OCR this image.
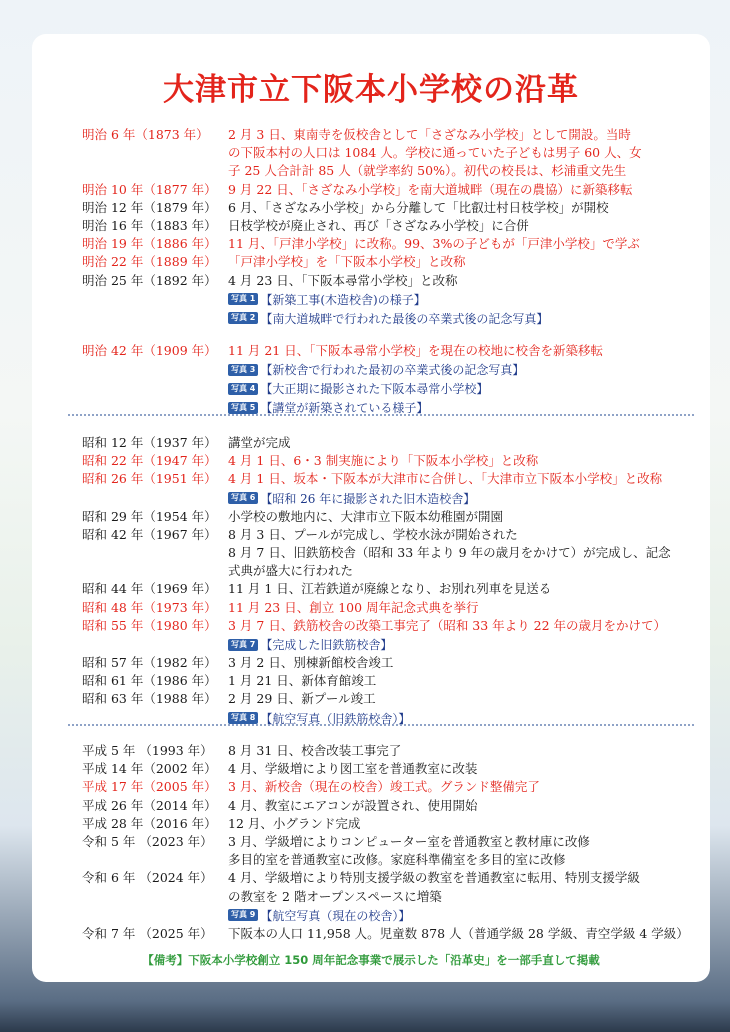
大津市立下阪本小学校の沿革
明治 6 年（1873 年）	2 月 3 日、東南寺を仮校舎として「さざなみ小学校」として開設。当時
の下阪本村の人口は 1084 人。学校に通っていた子どもは男子 60 人、女
子 25 人合計計 85 人（就学率約 50%）。初代の校長は、杉浦重文先生
明治 10 年（1877 年） 9 月 22 日、「さざなみ小学校」を南大道城畔（現在の農協）に新築移転
明治 12 年（1879 年） 6 月、「さざなみ小学校」から分離して「比叡辻村日枝学校」が開校
明治 16 年（1883 年） 日枝学校が廃止され、再び「さざなみ小学校」に合併
明治 19 年（1886 年） 11 月、「戸津小学校」に改称。99、3%の子どもが「戸津小学校」で学ぶ
明治 22 年（1889 年） 「戸津小学校」を「下阪本小学校」と改称
明治 25 年（1892 年） 4 月 23 日、「下阪本尋常小学校」と改称
写真 1 【新築工事(木造校舎)の様子】
写真 2 【南大道城畔で行われた最後の卒業式後の記念写真】
明治 42 年（1909 年） 11 月 21 日、「下阪本尋常小学校」を現在の校地に校舎を新築移転
写真 3 【新校舎で行われた最初の卒業式後の記念写真】
写真 4 【大正期に撮影された下阪本尋常小学校】
写真 5 【講堂が新築されている様子】
昭和 12 年（1937 年） 講堂が完成
昭和 22 年（1947 年） 4 月 1 日、6・3 制実施により「下阪本小学校」と改称
昭和 26 年（1951 年） 4 月 1 日、坂本・下阪本が大津市に合併し、「大津市立下阪本小学校」と改称
写真 6 【昭和 26 年に撮影された旧木造校舎】
昭和 29 年（1954 年） 小学校の敷地内に、大津市立下阪本幼稚園が開園
昭和 42 年（1967 年） 8 月 3 日、プールが完成し、学校水泳が開始された
8 月 7 日、旧鉄筋校舎（昭和 33 年より 9 年の歳月をかけて）が完成し、記念
式典が盛大に行われた
昭和 44 年（1969 年） 11 月 1 日、江若鉄道が廃線となり、お別れ列車を見送る
昭和 48 年（1973 年） 11 月 23 日、創立 100 周年記念式典を挙行
昭和 55 年（1980 年） 3 月 7 日、鉄筋校舎の改築工事完了（昭和 33 年より 22 年の歳月をかけて）
写真 7 【完成した旧鉄筋校舎】
昭和 57 年（1982 年） 3 月 2 日、別棟新館校舎竣工
昭和 61 年（1986 年） 1 月 21 日、新体育館竣工
昭和 63 年（1988 年） 2 月 29 日、新プール竣工
写真 8 【航空写真（旧鉄筋校舎）】
平成 5 年 （1993 年）	8 月 31 日、校舎改装工事完了
平成 14 年（2002 年） 4 月、学級増により図工室を普通教室に改装
平成 17 年（2005 年） 3 月、新校舎（現在の校舎）竣工式。グランド整備完了
平成 26 年（2014 年） 4 月、教室にエアコンが設置され、使用開始
平成 28 年（2016 年） 12 月、小グランド完成
令和 5 年 （2023 年）	3 月、学級増によりコンピューター室を普通教室と教材庫に改修
多目的室を普通教室に改修。家庭科準備室を多目的室に改修
令和 6 年 （2024 年）	4 月、学級増により特別支援学級の教室を普通教室に転用、特別支援学級
の教室を 2 階オープンスペースに増築
写真 9 【航空写真（現在の校舎）】
令和 7 年 （2025 年）	下阪本の人口 11,958 人。児童数 878 人（普通学級 28 学級、青空学級 4 学級）
【備考】下阪本小学校創立 150 周年記念事業で展示した「沿革史」を一部手直して掲載
